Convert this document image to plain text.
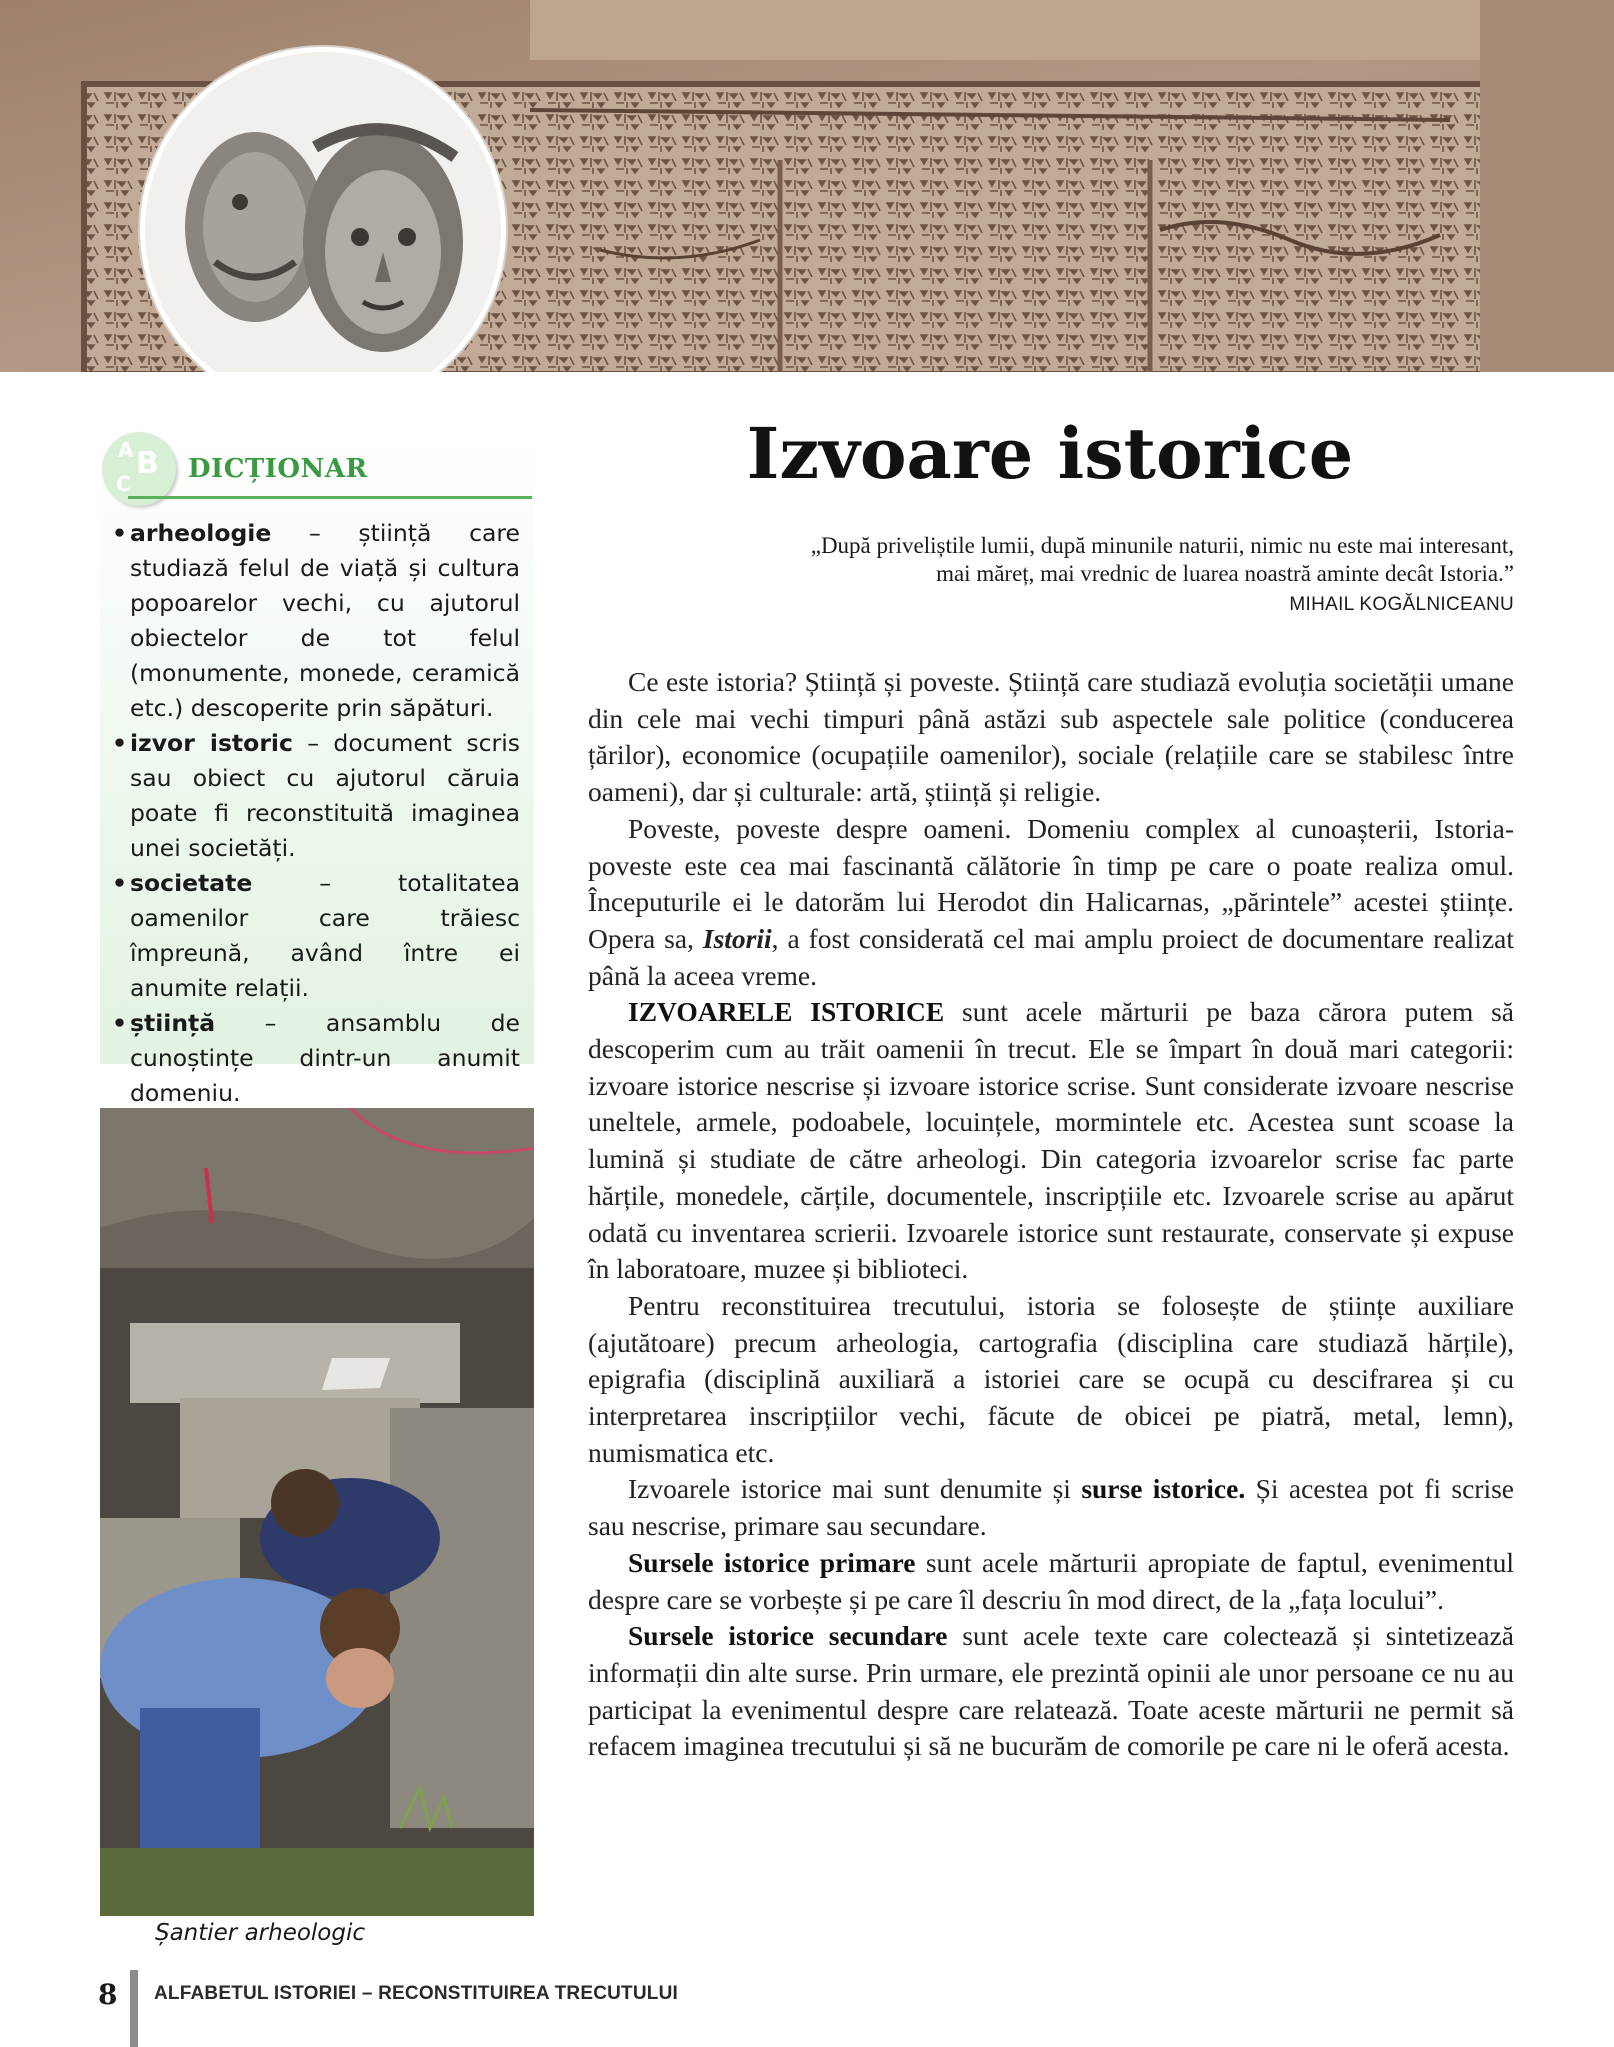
A B
C DICȚIONAR
• arheologie – știință care studiază felul de viață și cultura popoarelor vechi, cu ajutorul obiectelor de tot felul (monumente, monede, ceramică etc.) descoperite prin săpături.
• izvor istoric – document scris sau obiect cu ajutorul căruia poate fi reconstituită imaginea unei societăți.
• societate – totalitatea oamenilor care trăiesc împreună, având între ei anumite relații.
• știință – ansamblu de cunoștințe dintr-un anumit domeniu.
Șantier arheologic
Izvoare istorice
„După priveliștile lumii, după minunile naturii, nimic nu este mai interesant,
mai măreț, mai vrednic de luarea noastră aminte decât Istoria.”
MIHAIL KOGĂLNICEANU

Ce este istoria? Știință și poveste. Știință care studiază evoluția societății umane din cele mai vechi timpuri până astăzi sub aspectele sale politice (conducerea țărilor), economice (ocupațiile oamenilor), sociale (relațiile care se stabilesc între oameni), dar și culturale: artă, știință și religie.

Poveste, poveste despre oameni. Domeniu complex al cunoașterii, Istoria-poveste este cea mai fascinantă călătorie în timp pe care o poate realiza omul. Începuturile ei le datorăm lui Herodot din Halicarnas, „părintele” acestei științe. Opera sa, Istorii, a fost considerată cel mai amplu proiect de documentare realizat până la aceea vreme.

IZVOARELE ISTORICE sunt acele mărturii pe baza cărora putem să descoperim cum au trăit oamenii în trecut. Ele se împart în două mari categorii: izvoare istorice nescrise și izvoare istorice scrise. Sunt considerate izvoare nescrise uneltele, armele, podoabele, locuințele, mormintele etc. Acestea sunt scoase la lumină și studiate de către arheologi. Din categoria izvoarelor scrise fac parte hărțile, monedele, cărțile, documentele, inscripțiile etc. Izvoarele scrise au apărut odată cu inventarea scrierii. Izvoarele istorice sunt restaurate, conservate și expuse în laboratoare, muzee și biblioteci.

Pentru reconstituirea trecutului, istoria se folosește de științe auxiliare (ajutătoare) precum arheologia, cartografia (disciplina care studiază hărțile), epigrafia (disciplină auxiliară a istoriei care se ocupă cu descifrarea și cu interpretarea inscripțiilor vechi, făcute de obicei pe piatră, metal, lemn), numismatica etc.

Izvoarele istorice mai sunt denumite și surse istorice. Și acestea pot fi scrise sau nescrise, primare sau secundare.

Sursele istorice primare sunt acele mărturii apropiate de faptul, evenimentul despre care se vorbește și pe care îl descriu în mod direct, de la „fața locului”.

Sursele istorice secundare sunt acele texte care colectează și sintetizează informații din alte surse. Prin urmare, ele prezintă opinii ale unor persoane ce nu au participat la evenimentul despre care relatează. Toate aceste mărturii ne permit să refacem imaginea trecutului și să ne bucurăm de comorile pe care ni le oferă acesta.

8 ALFABETUL ISTORIEI – RECONSTITUIREA TRECUTULUI
